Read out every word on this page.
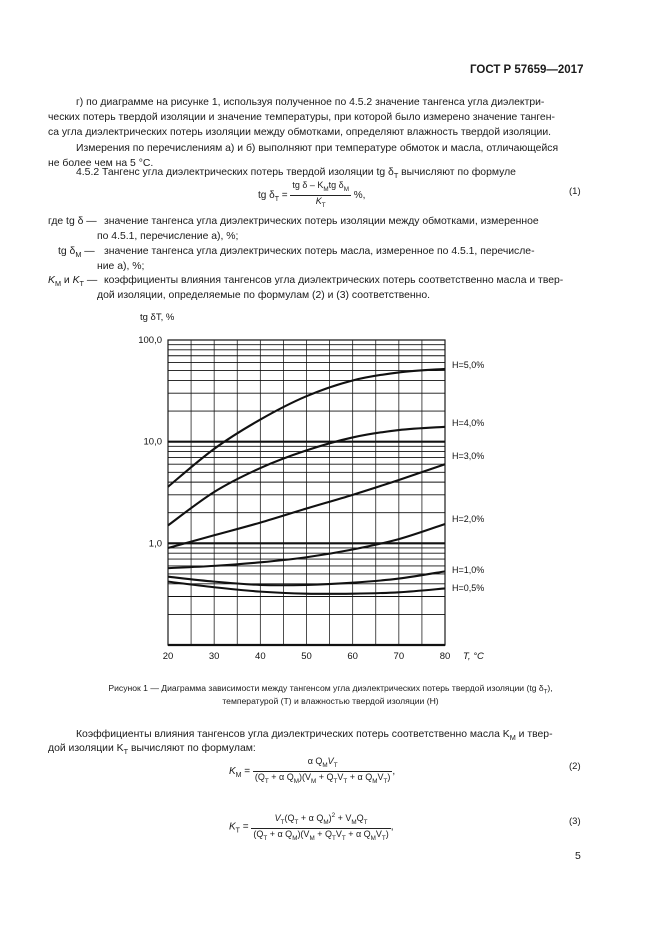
ГОСТ Р 57659—2017
г) по диаграмме на рисунке 1, используя полученное по 4.5.2 значение тангенса угла диэлектри-
ческих потерь твердой изоляции и значение температуры, при которой было измерено значение танген-
са угла диэлектрических потерь изоляции между обмотками, определяют влажность твердой изоляции.
Измерения по перечислениям а) и б) выполняют при температуре обмоток и масла, отличающейся
не более чем на 5 °С.
4.5.2 Тангенс угла диэлектрических потерь твердой изоляции tg $\delta_Т$ вычисляют по формуле
tg $\delta_Т = \frac{tg \delta - K_Мtg \delta_М}{K_Т}$ %,	(1)
где tg δ — значение тангенса угла диэлектрических потерь изоляции между обмотками, измеренное
по 4.5.1, перечисление а), %;
tg $\delta_М$ — значение тангенса угла диэлектрических потерь масла, измеренное по 4.5.1, перечисле-
ние а), %;
$K_М$ и $K_Т$ — коэффициенты влияния тангенсов угла диэлектрических потерь соответственно масла и твер-
дой изоляции, определяемые по формулам (2) и (3) соответственно.
100,0
10,0
1,0
20	30	40	50	60	70	80
tg δТ, %
T, °C
H=5,0%
H=4,0%
H=3,0%
H=2,0%
H=1,0%
H=0,5%
Рисунок 1 — Диаграмма зависимости между тангенсом угла диэлектрических потерь твердой изоляции (tg $\delta_Т$),
температурой (T) и влажностью твердой изоляции (H)
Коэффициенты влияния тангенсов угла диэлектрических потерь соответственно масла $K_М$ и твер-
дой изоляции $K_Т$ вычисляют по формулам:
$K_М = \frac{\alpha Q_МV_Т}{(Q_Т + \alpha Q_М)(V_М + Q_ТV_Т + \alpha Q_МV_Т)}$ ,	(2)
$K_Т = \frac{V_Т(Q_Т + \alpha Q_М)^2 + V_МQ_Т}{(Q_Т + \alpha Q_М)(V_М + Q_ТV_Т + \alpha Q_МV_Т)}$ ,	(3)
5
